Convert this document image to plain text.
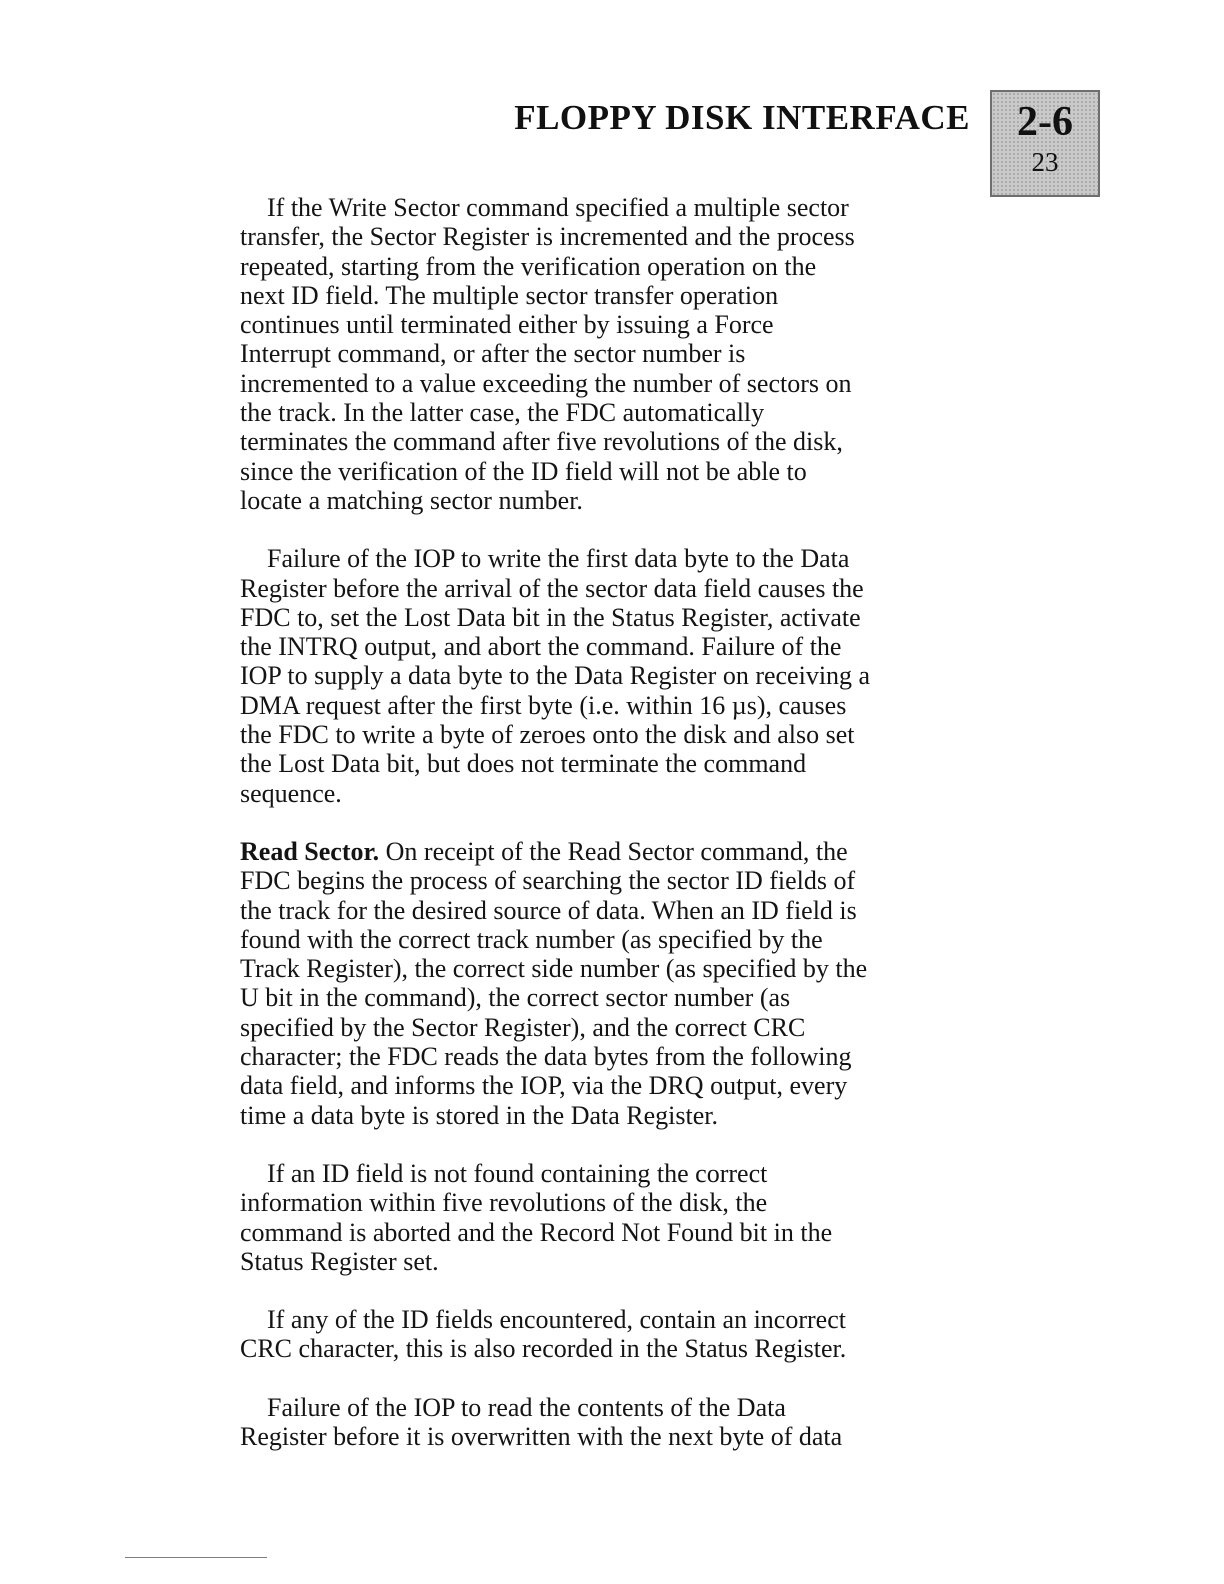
FLOPPY DISK INTERFACE	2-6
23

If the Write Sector command specified a multiple sector
transfer, the Sector Register is incremented and the process
repeated, starting from the verification operation on the
next ID field. The multiple sector transfer operation
continues until terminated either by issuing a Force
Interrupt command, or after the sector number is
incremented to a value exceeding the number of sectors on
the track. In the latter case, the FDC automatically
terminates the command after five revolutions of the disk,
since the verification of the ID field will not be able to
locate a matching sector number.

Failure of the IOP to write the first data byte to the Data
Register before the arrival of the sector data field causes the
FDC to, set the Lost Data bit in the Status Register, activate
the INTRQ output, and abort the command. Failure of the
IOP to supply a data byte to the Data Register on receiving a
DMA request after the first byte (i.e. within 16 µs), causes
the FDC to write a byte of zeroes onto the disk and also set
the Lost Data bit, but does not terminate the command
sequence.

Read Sector. On receipt of the Read Sector command, the
FDC begins the process of searching the sector ID fields of
the track for the desired source of data. When an ID field is
found with the correct track number (as specified by the
Track Register), the correct side number (as specified by the
U bit in the command), the correct sector number (as
specified by the Sector Register), and the correct CRC
character; the FDC reads the data bytes from the following
data field, and informs the IOP, via the DRQ output, every
time a data byte is stored in the Data Register.

If an ID field is not found containing the correct
information within five revolutions of the disk, the
command is aborted and the Record Not Found bit in the
Status Register set.

If any of the ID fields encountered, contain an incorrect
CRC character, this is also recorded in the Status Register.

Failure of the IOP to read the contents of the Data
Register before it is overwritten with the next byte of data
